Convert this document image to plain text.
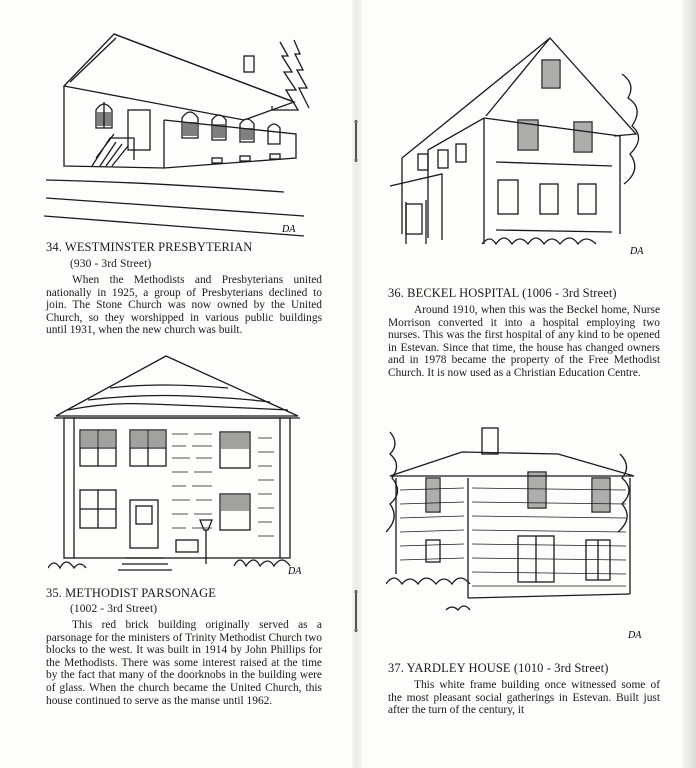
DA
DA
DA
DA
34. WESTMINSTER PRESBYTERIAN
(930 - 3rd Street)

When the Methodists and Presbyterians united nationally in 1925, a group of Presbyterians declined to join. The Stone Church was now owned by the United Church, so they worshipped in various public buildings until 1931, when the new church was built.

35. METHODIST PARSONAGE
(1002 - 3rd Street)

This red brick building originally served as a parsonage for the ministers of Trinity Methodist Church two blocks to the west. It was built in 1914 by John Phillips for the Methodists. There was some interest raised at the time by the fact that many of the doorknobs in the building were of glass. When the church became the United Church, this house continued to serve as the manse until 1962.

36. BECKEL HOSPITAL (1006 - 3rd Street)

Around 1910, when this was the Beckel home, Nurse Morrison converted it into a hospital employing two nurses. This was the first hospital of any kind to be opened in Estevan. Since that time, the house has changed owners and in 1978 became the property of the Free Methodist Church. It is now used as a Christian Education Centre.

37. YARDLEY HOUSE (1010 - 3rd Street)

This white frame building once witnessed some of the most pleasant social gatherings in Estevan. Built just after the turn of the century, it
